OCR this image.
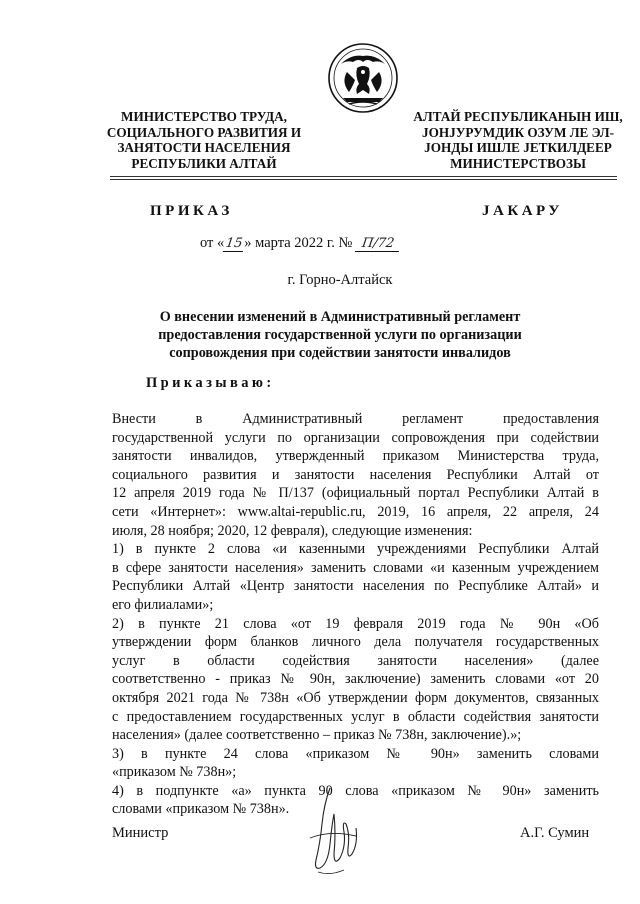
МИНИСТЕРСТВО ТРУДА,
СОЦИАЛЬНОГО РАЗВИТИЯ И
ЗАНЯТОСТИ НАСЕЛЕНИЯ
РЕСПУБЛИКИ АЛТАЙ
АЛТАЙ РЕСПУБЛИКАНЫН ИШ,
ЈОНЈУРУМДИК ОЗУМ ЛЕ ЭЛ-
ЈОНДЫ ИШЛЕ ЈЕТКИЛДЕЕР
МИНИСТЕРСТВОЗЫ
ПРИКАЗ	ЈАКАРУ
от «15» марта 2022 г. № П/72
г. Горно-Алтайск
О внесении изменений в Административный регламент
предоставления государственной услуги по организации
сопровождения при содействии занятости инвалидов
Приказываю:
Внести в Административный регламент предоставления
государственной услуги по организации сопровождения при содействии
занятости инвалидов, утвержденный приказом Министерства труда,
социального развития и занятости населения Республики Алтай от
12 апреля 2019 года № П/137 (официальный портал Республики Алтай в
сети «Интернет»: www.altai-republic.ru, 2019, 16 апреля, 22 апреля, 24
июля, 28 ноября; 2020, 12 февраля), следующие изменения:
1) в пункте 2 слова «и казенными учреждениями Республики Алтай
в сфере занятости населения» заменить словами «и казенным учреждением
Республики Алтай «Центр занятости населения по Республике Алтай» и
его филиалами»;
2) в пункте 21 слова «от 19 февраля 2019 года № 90н «Об
утверждении форм бланков личного дела получателя государственных
услуг в области содействия занятости населения» (далее
соответственно - приказ № 90н, заключение) заменить словами «от 20
октября 2021 года № 738н «Об утверждении форм документов, связанных
с предоставлением государственных услуг в области содействия занятости
населения» (далее соответственно – приказ № 738н, заключение).»;
3) в пункте 24 слова «приказом № 90н» заменить словами
«приказом № 738н»;
4) в подпункте «а» пункта 90 слова «приказом № 90н» заменить
словами «приказом № 738н».
Министр	А.Г. Сумин
